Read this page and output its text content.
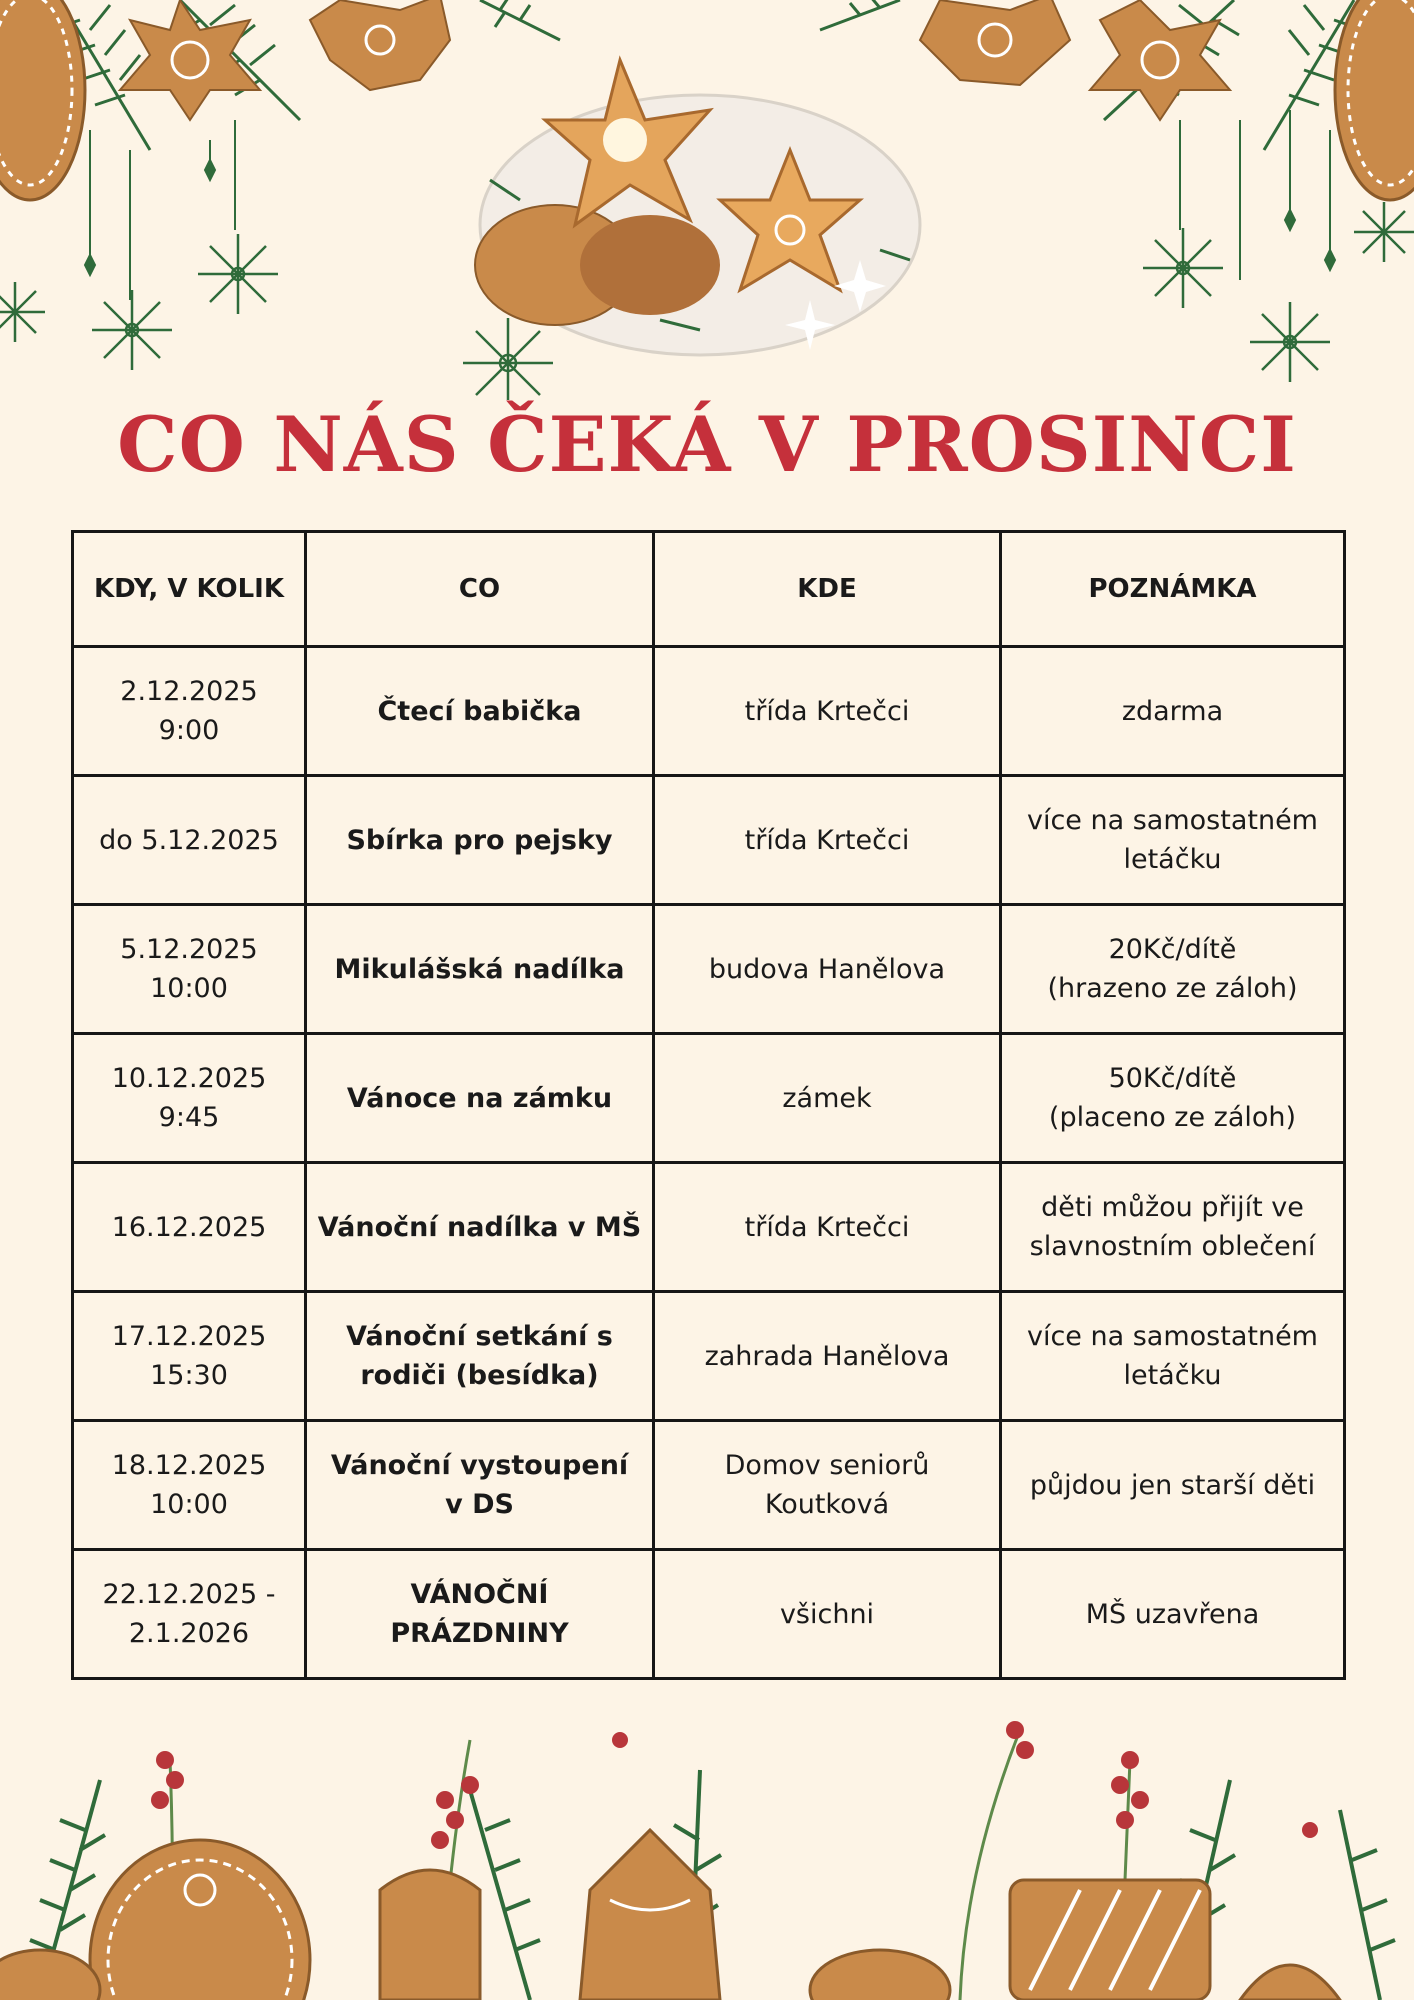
CO NÁS ČEKÁ V PROSINCI
KDY, V KOLIK	CO	KDE	POZNÁMKA

2.12.2025
9:00	Čtecí babička	třída Krtečci	zdarma

do 5.12.2025	Sbírka pro pejsky	třída Krtečci	více na samostatném
letáčku

5.12.2025
10:00	Mikulášská nadílka	budova Hanělova	20Kč/dítě
(hrazeno ze záloh)

10.12.2025
9:45	Vánoce na zámku	zámek	50Kč/dítě
(placeno ze záloh)

16.12.2025	Vánoční nadílka v MŠ	třída Krtečci	děti můžou přijít ve
slavnostním oblečení

17.12.2025
15:30	Vánoční setkání s
rodiči (besídka)	zahrada Hanělova	více na samostatném
letáčku

18.12.2025
10:00	Vánoční vystoupení
v DS	Domov seniorů
Koutková	půjdou jen starší děti

22.12.2025 -
2.1.2026	VÁNOČNÍ
PRÁZDNINY	všichni	MŠ uzavřena
